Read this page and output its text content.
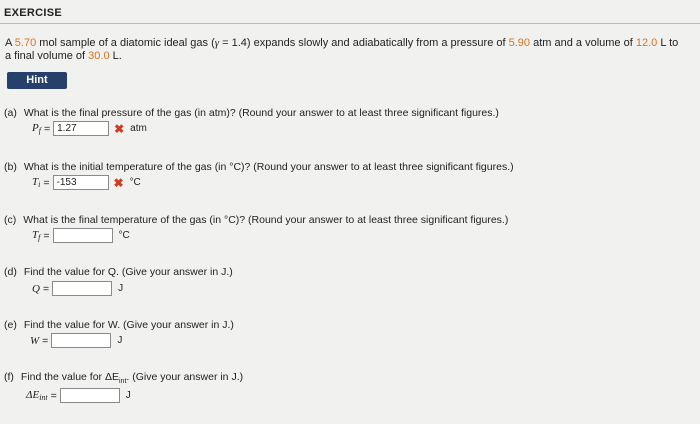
EXERCISE
A 5.70 mol sample of a diatomic ideal gas (γ = 1.4) expands slowly and adiabatically from a pressure of 5.90 atm and a volume of 12.0 L to
a final volume of 30.0 L.
Hint
(a) What is the final pressure of the gas (in atm)? (Round your answer to at least three significant figures.)
$P_f$ =
1.27	✖ atm
(b) What is the initial temperature of the gas (in °C)? (Round your answer to at least three significant figures.)
$T_i$ =
-153	✖ °C
(c) What is the final temperature of the gas (in °C)? (Round your answer to at least three significant figures.)
$T_f$ =	°C
(d) Find the value for Q. (Give your answer in J.)
Q =	J
(e) Find the value for W. (Give your answer in J.)
W =	J
(f) Find the value for $\Delta E_{int}$. (Give your answer in J.)
$\Delta E_{int}$ =	J
